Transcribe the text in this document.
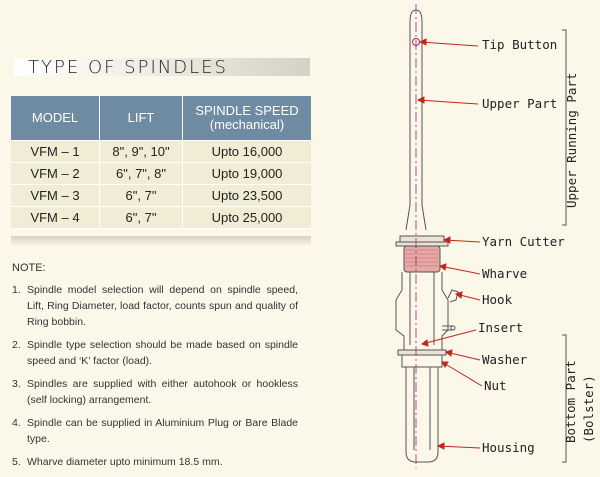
TYPE OF SPINDLES
MODEL	LIFT	SPINDLE SPEED
(mechanical)

VFM – 1	8", 9", 10"	Upto 16,000
VFM – 2	6", 7", 8"	Upto 19,000
VFM – 3	6", 7"	Upto 23,500
VFM – 4	6", 7"	Upto 25,000
NOTE:
1. Spindle model selection will depend on spindle speed, Lift, Ring Diameter, load factor, counts spun and quality of Ring bobbin.
2. Spindle type selection should be made based on spindle speed and ‘K’ factor (load).
3. Spindles are supplied with either autohook or hookless (self locking) arrangement.
4. Spindle can be supplied in Aluminium Plug or Bare Blade type.
5. Wharve diameter upto minimum 18.5 mm.
Tip Button
Upper Part
Yarn Cutter
Wharve
Hook
Insert
Washer
Nut
Housing
Upper Running Part
Bottom Part (Bolster)
